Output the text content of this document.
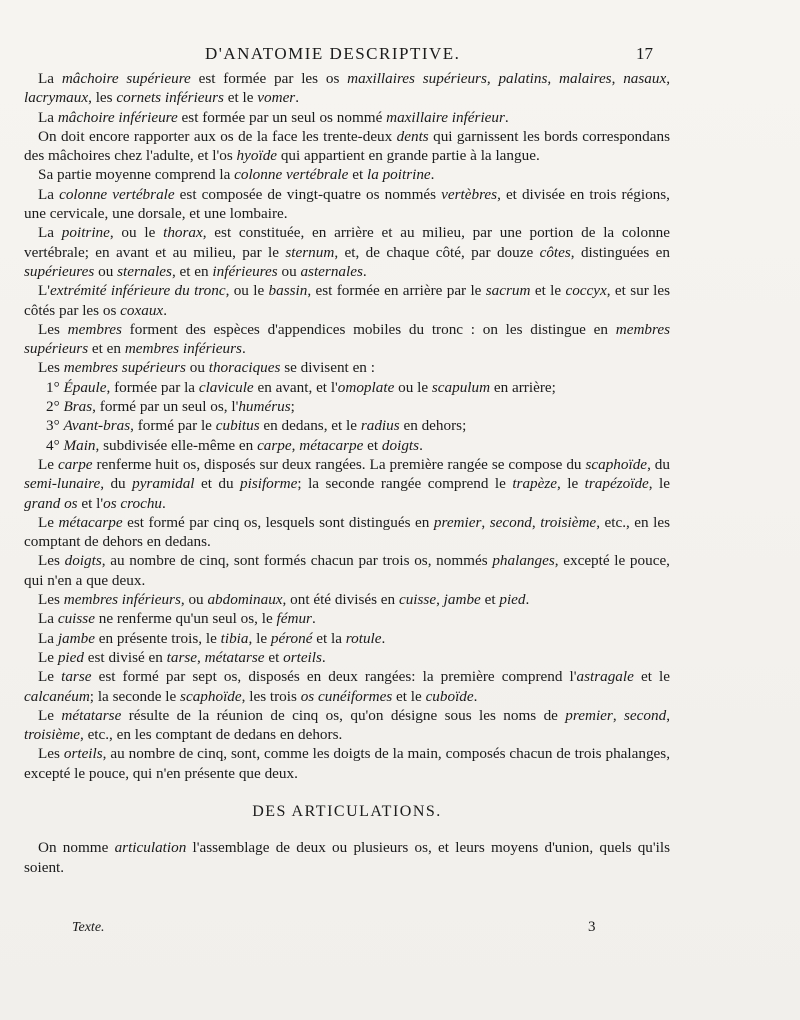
D'ANATOMIE DESCRIPTIVE.	17

La mâchoire supérieure est formée par les os maxillaires supérieurs, palatins, malaires, nasaux, lacrymaux, les cornets inférieurs et le vomer.

La mâchoire inférieure est formée par un seul os nommé maxillaire inférieur.

On doit encore rapporter aux os de la face les trente-deux dents qui garnissent les bords correspondans des mâchoires chez l'adulte, et l'os hyoïde qui appartient en grande partie à la langue.

Sa partie moyenne comprend la colonne vertébrale et la poitrine.

La colonne vertébrale est composée de vingt-quatre os nommés vertèbres, et divisée en trois régions, une cervicale, une dorsale, et une lombaire.

La poitrine, ou le thorax, est constituée, en arrière et au milieu, par une portion de la colonne vertébrale; en avant et au milieu, par le sternum, et, de chaque côté, par douze côtes, distinguées en supérieures ou sternales, et en inférieures ou asternales.

L'extrémité inférieure du tronc, ou le bassin, est formée en arrière par le sacrum et le coccyx, et sur les côtés par les os coxaux.

Les membres forment des espèces d'appendices mobiles du tronc : on les distingue en membres supérieurs et en membres inférieurs.

Les membres supérieurs ou thoraciques se divisent en :

1° Épaule, formée par la clavicule en avant, et l'omoplate ou le scapulum en arrière;

2° Bras, formé par un seul os, l'humérus;

3° Avant-bras, formé par le cubitus en dedans, et le radius en dehors;

4° Main, subdivisée elle-même en carpe, métacarpe et doigts.

Le carpe renferme huit os, disposés sur deux rangées. La première rangée se compose du scaphoïde, du semi-lunaire, du pyramidal et du pisiforme; la seconde rangée comprend le trapèze, le trapézoïde, le grand os et l'os crochu.

Le métacarpe est formé par cinq os, lesquels sont distingués en premier, second, troisième, etc., en les comptant de dehors en dedans.

Les doigts, au nombre de cinq, sont formés chacun par trois os, nommés phalanges, excepté le pouce, qui n'en a que deux.

Les membres inférieurs, ou abdominaux, ont été divisés en cuisse, jambe et pied.

La cuisse ne renferme qu'un seul os, le fémur.

La jambe en présente trois, le tibia, le péroné et la rotule.

Le pied est divisé en tarse, métatarse et orteils.

Le tarse est formé par sept os, disposés en deux rangées: la première comprend l'astragale et le calcanéum; la seconde le scaphoïde, les trois os cunéiformes et le cuboïde.

Le métatarse résulte de la réunion de cinq os, qu'on désigne sous les noms de premier, second, troisième, etc., en les comptant de dedans en dehors.

Les orteils, au nombre de cinq, sont, comme les doigts de la main, composés chacun de trois phalanges, excepté le pouce, qui n'en présente que deux.

DES ARTICULATIONS.

On nomme articulation l'assemblage de deux ou plusieurs os, et leurs moyens d'union, quels qu'ils soient.

Texte.	3
